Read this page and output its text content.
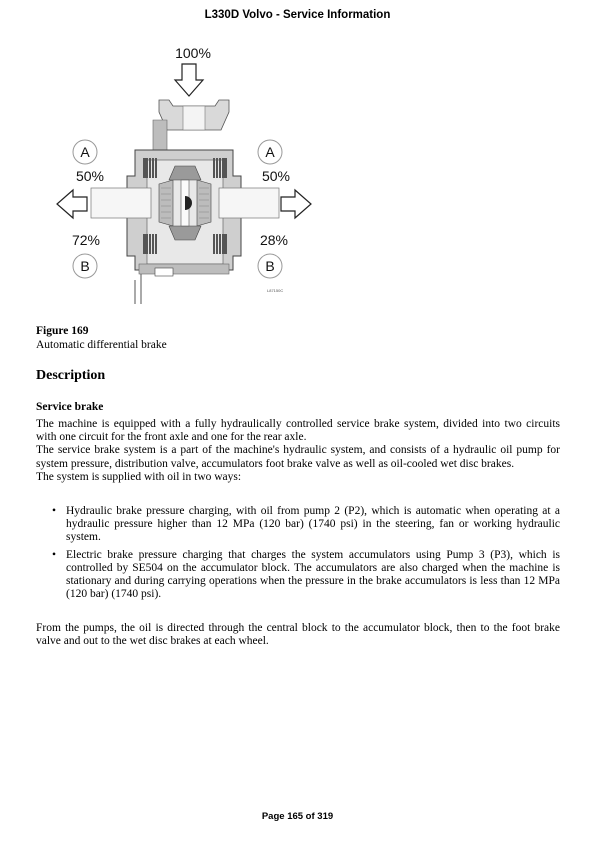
L330D Volvo - Service Information
100%
A
50%
72%
B
A
50%
28%
B
L87150C
Figure 169
Automatic differential brake
Description
Service brake

The machine is equipped with a fully hydraulically controlled service brake system, divided into two circuits with one circuit for the front axle and one for the rear axle.

The service brake system is a part of the machine's hydraulic system, and consists of a hydraulic oil pump for system pressure, distribution valve, accumulators foot brake valve as well as oil-cooled wet disc brakes.

The system is supplied with oil in two ways:

• Hydraulic brake pressure charging, with oil from pump 2 (P2), which is automatic when operating at a hydraulic pressure higher than 12 MPa (120 bar) (1740 psi) in the steering, fan or working hydraulic system.
• Electric brake pressure charging that charges the system accumulators using Pump 3 (P3), which is controlled by SE504 on the accumulator block. The accumulators are also charged when the machine is stationary and during carrying operations when the pressure in the brake accumulators is less than 12 MPa (120 bar) (1740 psi).
From the pumps, the oil is directed through the central block to the accumulator block, then to the foot brake valve and out to the wet disc brakes at each wheel.
Page 165 of 319
